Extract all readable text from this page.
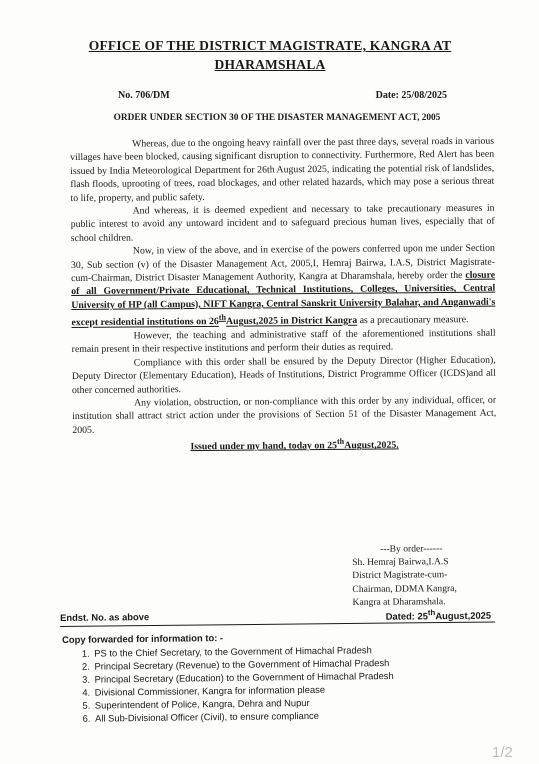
OFFICE OF THE DISTRICT MAGISTRATE, KANGRA AT
DHARAMSHALA
No. 706/DM	Date: 25/08/2025
ORDER UNDER SECTION 30 OF THE DISASTER MANAGEMENT ACT, 2005

Whereas, due to the ongoing heavy rainfall over the past three days, several roads in various villages have been blocked, causing significant disruption to connectivity. Furthermore, Red Alert has been issued by India Meteorological Department for 26th August 2025, indicating the potential risk of landslides, flash floods, uprooting of trees, road blockages, and other related hazards, which may pose a serious threat to life, property, and public safety.

And whereas, it is deemed expedient and necessary to take precautionary measures in public interest to avoid any untoward incident and to safeguard precious human lives, especially that of school children.

Now, in view of the above, and in exercise of the powers conferred upon me under Section 30, Sub section (v) of the Disaster Management Act, 2005,I, Hemraj Bairwa, I.A.S, District Magistrate-cum-Chairman, District Disaster Management Authority, Kangra at Dharamshala, hereby order the closure of all Government/Private Educational, Technical Institutions, Colleges, Universities, Central University of HP (all Campus), NIFT Kangra, Central Sanskrit University Balahar, and Anganwadi's except residential institutions on 26thAugust,2025 in District Kangra as a precautionary measure.

However, the teaching and administrative staff of the aforementioned institutions shall remain present in their respective institutions and perform their duties as required.

Compliance with this order shall be ensured by the Deputy Director (Higher Education), Deputy Director (Elementary Education), Heads of Institutions, District Programme Officer (ICDS)and all other concerned authorities.

Any violation, obstruction, or non-compliance with this order by any individual, officer, or institution shall attract strict action under the provisions of Section 51 of the Disaster Management Act, 2005.

Issued under my hand, today on 25thAugust,2025.

---By order------
Sh. Hemraj Bairwa,I.A.S
District Magistrate-cum-
Chairman, DDMA Kangra,
Kangra at Dharamshala.
Endst. No. as above	Dated: 25thAugust,2025
Copy forwarded for information to: -
1. PS to the Chief Secretary, to the Government of Himachal Pradesh
2. Principal Secretary (Revenue) to the Government of Himachal Pradesh
3. Principal Secretary (Education) to the Government of Himachal Pradesh
4. Divisional Commissioner, Kangra for information please
5. Superintendent of Police, Kangra, Dehra and Nupur
6. All Sub-Divisional Officer (Civil), to ensure compliance
1/2
